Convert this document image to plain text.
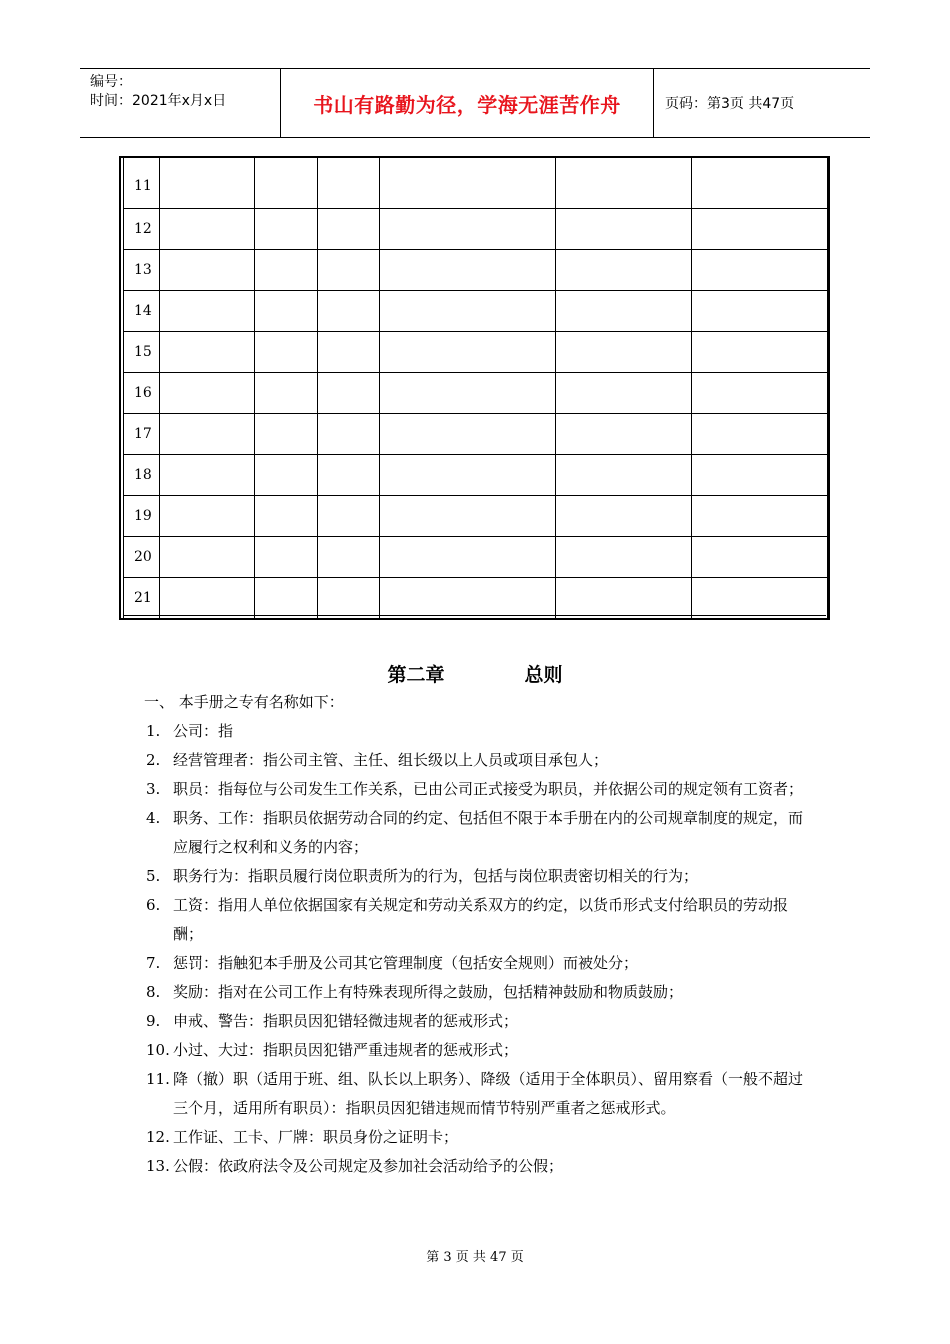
编号：
时间：2021年x月x日	书山有路勤为径，学海无涯苦作舟	页码：第3页 共47页
11						
12						
13						
14						
15						
16						
17						
18						
19						
20						
21						
第二章	总则
一、 本手册之专有名称如下：
1. 公司：指
2. 经营管理者：指公司主管、主任、组长级以上人员或项目承包人；
3. 职员：指每位与公司发生工作关系，已由公司正式接受为职员，并依据公司的规定领有工资者；
4. 职务、工作：指职员依据劳动合同的约定、包括但不限于本手册在内的公司规章制度的规定，而应履行之权利和义务的内容；
5. 职务行为：指职员履行岗位职责所为的行为，包括与岗位职责密切相关的行为；
6. 工资：指用人单位依据国家有关规定和劳动关系双方的约定，以货币形式支付给职员的劳动报酬；
7. 惩罚：指触犯本手册及公司其它管理制度（包括安全规则）而被处分；
8. 奖励：指对在公司工作上有特殊表现所得之鼓励，包括精神鼓励和物质鼓励；
9. 申戒、警告：指职员因犯错轻微违规者的惩戒形式；
10. 小过、大过：指职员因犯错严重违规者的惩戒形式；
11. 降（撤）职（适用于班、组、队长以上职务）、降级（适用于全体职员）、留用察看（一般不超过三个月，适用所有职员）：指职员因犯错违规而情节特别严重者之惩戒形式。
12. 工作证、工卡、厂牌：职员身份之证明卡；
13. 公假：依政府法令及公司规定及参加社会活动给予的公假；
第 3 页 共 47 页
